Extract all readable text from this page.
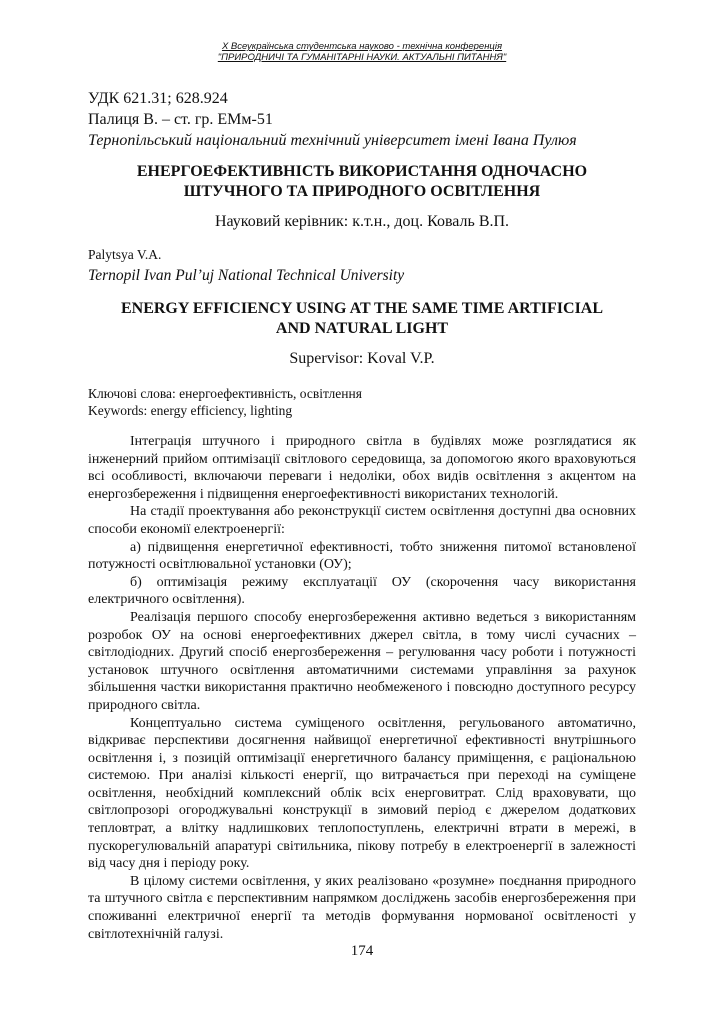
X Всеукраїнська студентська науково - технічна конференція
"ПРИРОДНИЧІ ТА ГУМАНІТАРНІ НАУКИ. АКТУАЛЬНІ ПИТАННЯ"
УДК 621.31; 628.924
Палиця В. – ст. гр. ЕМм-51
Тернопільський національний технічний університет імені Івана Пулюя
ЕНЕРГОЕФЕКТИВНІСТЬ ВИКОРИСТАННЯ ОДНОЧАСНО
ШТУЧНОГО ТА ПРИРОДНОГО ОСВІТЛЕННЯ
Науковий керівник: к.т.н., доц. Коваль В.П.
Palytsya V.A.
Ternopil Ivan Pul’uj National Technical University
ENERGY EFFICIENCY USING AT THE SAME TIME ARTIFICIAL
AND NATURAL LIGHT
Supervisor: Koval V.P.
Ключові слова: енергоефективність, освітлення
Keywords: energy efficiency, lighting

Інтеграція штучного і природного світла в будівлях може розглядатися як інженерний прийом оптимізації світлового середовища, за допомогою якого враховуються всі особливості, включаючи переваги і недоліки, обох видів освітлення з акцентом на енергозбереження і підвищення енергоефективності використаних технологій.

На стадії проектування або реконструкції систем освітлення доступні два основних способи економії електроенергії:

а) підвищення енергетичної ефективності, тобто зниження питомої встановленої потужності освітлювальної установки (ОУ);

б) оптимізація режиму експлуатації ОУ (скорочення часу використання електричного освітлення).

Реалізація першого способу енергозбереження активно ведеться з використанням розробок ОУ на основі енергоефективних джерел світла, в тому числі сучасних – світлодіодних. Другий спосіб енергозбереження – регулювання часу роботи і потужності установок штучного освітлення автоматичними системами управління за рахунок збільшення частки використання практично необмеженого і повсюдно доступного ресурсу природного світла.

Концептуально система суміщеного освітлення, регульованого автоматично, відкриває перспективи досягнення найвищої енергетичної ефективності внутрішнього освітлення і, з позицій оптимізації енергетичного балансу приміщення, є раціональною системою. При аналізі кількості енергії, що витрачається при переході на суміщене освітлення, необхідний комплексний облік всіх енерговитрат. Слід враховувати, що світлопрозорі огороджувальні конструкції в зимовий період є джерелом додаткових тепловтрат, а влітку надлишкових теплопоступлень, електричні втрати в мережі, в пускорегулювальній апаратурі світильника, пікову потребу в електроенергії в залежності від часу дня і періоду року.

В цілому системи освітлення, у яких реалізовано «розумне» поєднання природного та штучного світла є перспективним напрямком досліджень засобів енергозбереження при споживанні електричної енергії та методів формування нормованої освітленості у світлотехнічній галузі.

174
